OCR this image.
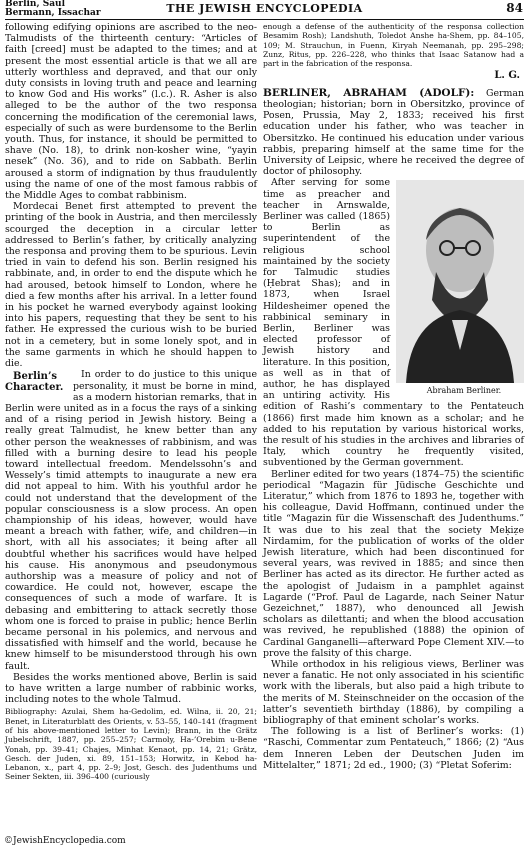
Berlin, Saul
Bermann, Issachar	THE JEWISH ENCYCLOPEDIA	84

following edifying opinions are ascribed to the neo-Talmudists of the thirteenth century: “Articles of faith [creed] must be adapted to the times; and at present the most essential article is that we all are utterly worthless and depraved, and that our only duty consists in loving truth and peace and learning to know God and His works” (l.c.). R. Asher is also alleged to be the author of the two responsa concerning the modification of the ceremonial laws, especially of such as were burdensome to the Berlin youth. Thus, for instance, it should be permitted to shave (No. 18), to drink non-kosher wine, “yayin nesek” (No. 36), and to ride on Sabbath. Berlin aroused a storm of indignation by thus fraudulently using the name of one of the most famous rabbis of the Middle Ages to combat rabbinism.

Mordecai Benet first attempted to prevent the printing of the book in Austria, and then mercilessly scourged the deception in a circular letter addressed to Berlin’s father, by critically analyzing the responsa and proving them to be spurious. Levin tried in vain to defend his son. Berlin resigned his rabbinate, and, in order to end the dispute which he had aroused, betook himself to London, where he died a few months after his arrival. In a letter found in his pocket he warned everybody against looking into his papers, requesting that they be sent to his father. He expressed the curious wish to be buried not in a cemetery, but in some lonely spot, and in the same garments in which he should happen to die.

Berlin’s Character.
In order to do justice to this unique personality, it must be borne in mind, as a modern historian remarks, that in Berlin were united as in a focus the rays of a sinking and of a rising period in Jewish history. Being a really great Talmudist, he knew better than any other person the weaknesses of rabbinism, and was filled with a burning desire to lead his people toward intellectual freedom. Mendelssohn’s and Wessely’s timid attempts to inaugurate a new era did not appeal to him. With his youthful ardor he could not understand that the development of the popular consciousness is a slow process. An open championship of his ideas, however, would have meant a breach with father, wife, and children—in short, with all his associates; it being after all doubtful whether his sacrifices would have helped his cause. His anonymous and pseudonymous authorship was a measure of policy and not of cowardice. He could not, however, escape the consequences of such a mode of warfare. It is debasing and embittering to attack secretly those whom one is forced to praise in public; hence Berlin became personal in his polemics, and nervous and dissatisfied with himself and the world, because he knew himself to be misunderstood through his own fault.

Besides the works mentioned above, Berlin is said to have written a large number of rabbinic works, including notes to the whole Talmud.

Bibliography: Azulai, Shem ha-Gedolim, ed. Wilna, ii. 20, 21; Benet, in Literaturblatt des Orients, v. 53–55, 140–141 (fragment of his above-mentioned letter to Levin); Brann, in the Grätz Jubelschrift, 1887, pp. 255–257; Carmoly, Ha-’Orebim u-Bene Yonah, pp. 39–41; Chajes, Minhat Kenaot, pp. 14, 21; Grätz, Gesch. der Juden, xi. 89, 151–153; Horwitz, in Kebod ha-Lebanon, x., part 4, pp. 2–9; Jost, Gesch. des Judenthums und Seiner Sekten, iii. 396–400 (curiously

enough a defense of the authenticity of the responsa collection Besamim Rosh); Landshuth, Toledot Anshe ha-Shem, pp. 84–105, 109; M. Strauchun, in Fuenn, Kiryah Neemanah, pp. 295–298; Zunz, Ritus, pp. 226–228, who thinks that Isaac Satanow had a part in the fabrication of the responsa.

L. G.

BERLINER, ABRAHAM (ADOLF): German theologian; historian; born in Obersitzko, province of Posen, Prussia, May 2, 1833; received his first education under his father, who was teacher in Obersitzko. He continued his education under various rabbis, preparing himself at the same time for the University of Leipsic, where he received the degree of doctor of philosophy.

Abraham Berliner.
After serving for some time as preacher and teacher in Arnswalde, Berliner was called (1865) to Berlin as superintendent of the religious school maintained by the society for Talmudic studies (Ḥebrat Shas); and in 1873, when Israel Hildesheimer opened the rabbinical seminary in Berlin, Berliner was elected professor of Jewish history and literature. In this position, as well as in that of author, he has displayed an untiring activity. His edition of Rashi’s commentary to the Pentateuch (1866) first made him known as a scholar; and he added to his reputation by various historical works, the result of his studies in the archives and libraries of Italy, which country he frequently visited, subventioned by the German government.

Berliner edited for two years (1874–75) the scientific periodical “Magazin für Jüdische Geschichte und Literatur,” which from 1876 to 1893 he, together with his colleague, David Hoffmann, continued under the title “Magazin für die Wissenschaft des Judenthums.” It was due to his zeal that the society Meḳiẓe Nirdamim, for the publication of works of the older Jewish literature, which had been discontinued for several years, was revived in 1885; and since then Berliner has acted as its director. He further acted as the apologist of Judaism in a pamphlet against Lagarde (“Prof. Paul de Lagarde, nach Seiner Natur Gezeichnet,” 1887), who denounced all Jewish scholars as dilettanti; and when the blood accusation was revived, he republished (1888) the opinion of Cardinal Ganganelli—afterward Pope Clement XIV.—to prove the falsity of this charge.

While orthodox in his religious views, Berliner was never a fanatic. He not only associated in his scientific work with the liberals, but also paid a high tribute to the merits of M. Steinschneider on the occasion of the latter’s seventieth birthday (1886), by compiling a bibliography of that eminent scholar’s works.

The following is a list of Berliner’s works: (1) “Raschi, Commentar zum Pentateuch,” 1866; (2) “Aus dem Inneren Leben der Deutschen Juden im Mittelalter,” 1871; 2d ed., 1900; (3) “Pletat Soferim:

©JewishEncyclopedia.com
